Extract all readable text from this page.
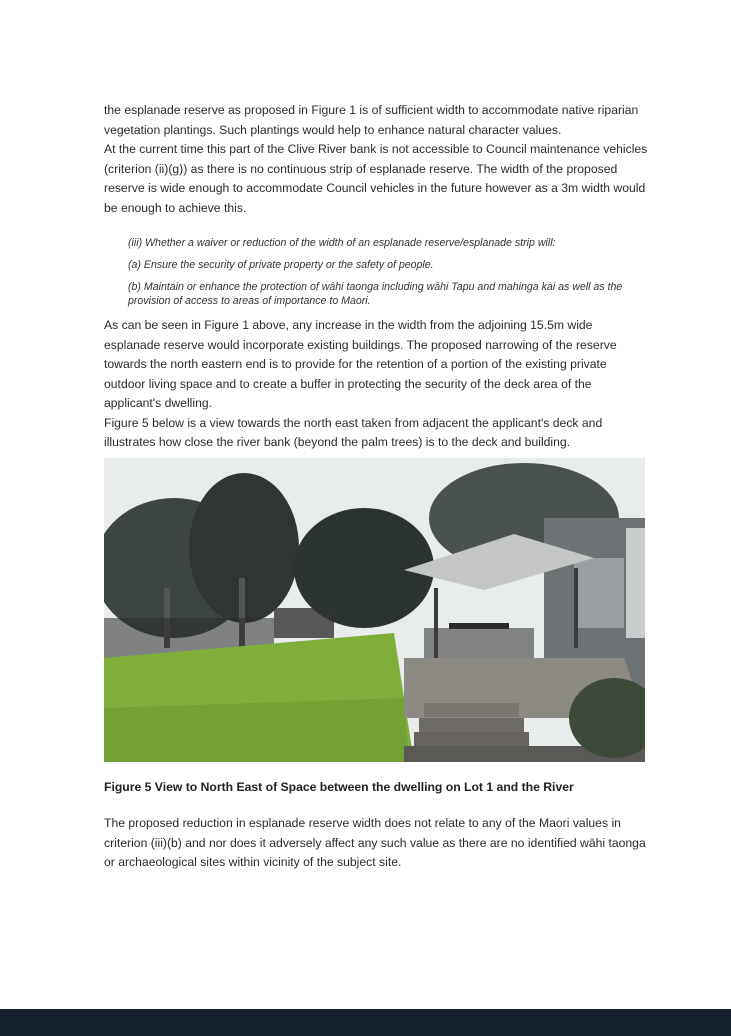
the esplanade reserve as proposed in Figure 1 is of sufficient width to accommodate native riparian vegetation plantings. Such plantings would help to enhance natural character values.

At the current time this part of the Clive River bank is not accessible to Council maintenance vehicles (criterion (ii)(g)) as there is no continuous strip of esplanade reserve. The width of the proposed reserve is wide enough to accommodate Council vehicles in the future however as a 3m width would be enough to achieve this.

(iii) Whether a waiver or reduction of the width of an esplanade reserve/esplanade strip will:

(a) Ensure the security of private property or the safety of people.

(b) Maintain or enhance the protection of wāhi taonga including wāhi Tapu and mahinga kai as well as the provision of access to areas of importance to Maori.

As can be seen in Figure 1 above, any increase in the width from the adjoining 15.5m wide esplanade reserve would incorporate existing buildings. The proposed narrowing of the reserve towards the north eastern end is to provide for the retention of a portion of the existing private outdoor living space and to create a buffer in protecting the security of the deck area of the applicant's dwelling.

Figure 5 below is a view towards the north east taken from adjacent the applicant's deck and illustrates how close the river bank (beyond the palm trees) is to the deck and building.

Figure 5 View to North East of Space between the dwelling on Lot 1 and the River

The proposed reduction in esplanade reserve width does not relate to any of the Maori values in criterion (iii)(b) and nor does it adversely affect any such value as there are no identified wāhi taonga or archaeological sites within vicinity of the subject site.
